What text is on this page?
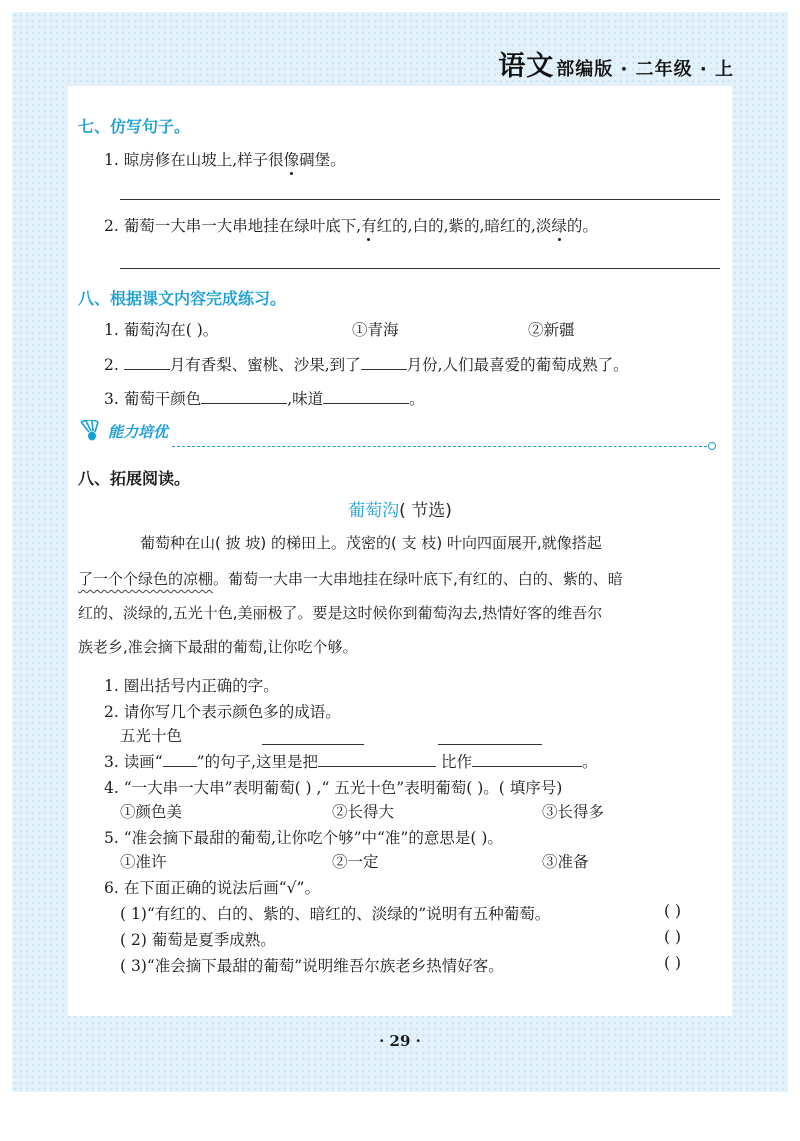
语文 部编版 · 二年级 · 上
七、仿写句子。
1. 晾房修在山坡上,样子很像碉堡。
2. 葡萄一大串一大串地挂在绿叶底下,有红的,白的,紫的,暗红的,淡绿的。
八、根据课文内容完成练习。
1. 葡萄沟在( )。	①青海	②新疆
2.	月有香梨、蜜桃、沙果,到了	月份,人们最喜爱的葡萄成熟了。
3. 葡萄干颜色	,味道	。
能力培优
八、拓展阅读。
葡萄沟( 节选)
葡萄种在山( 披 坡) 的梯田上。茂密的( 支 枝) 叶向四面展开,就像搭起
了一个个绿色的凉棚。葡萄一大串一大串地挂在绿叶底下,有红的、白的、紫的、暗
红的、淡绿的,五光十色,美丽极了。要是这时候你到葡萄沟去,热情好客的维吾尔
族老乡,准会摘下最甜的葡萄,让你吃个够。
1. 圈出括号内正确的字。
2. 请你写几个表示颜色多的成语。
五光十色
3. 读画“ ”的句子,这里是把	比作	。
4. “一大串一大串”表明葡萄( ) ,“ 五光十色”表明葡萄( )。( 填序号)
①颜色美	②长得大	③长得多
5. “准会摘下最甜的葡萄,让你吃个够”中“准”的意思是( )。
①准许	②一定	③准备
6. 在下面正确的说法后画“√”。
( 1)“有红的、白的、紫的、暗红的、淡绿的”说明有五种葡萄。	( )
( 2) 葡萄是夏季成熟。	( )
( 3)“准会摘下最甜的葡萄”说明维吾尔族老乡热情好客。	( )
· 29 ·
